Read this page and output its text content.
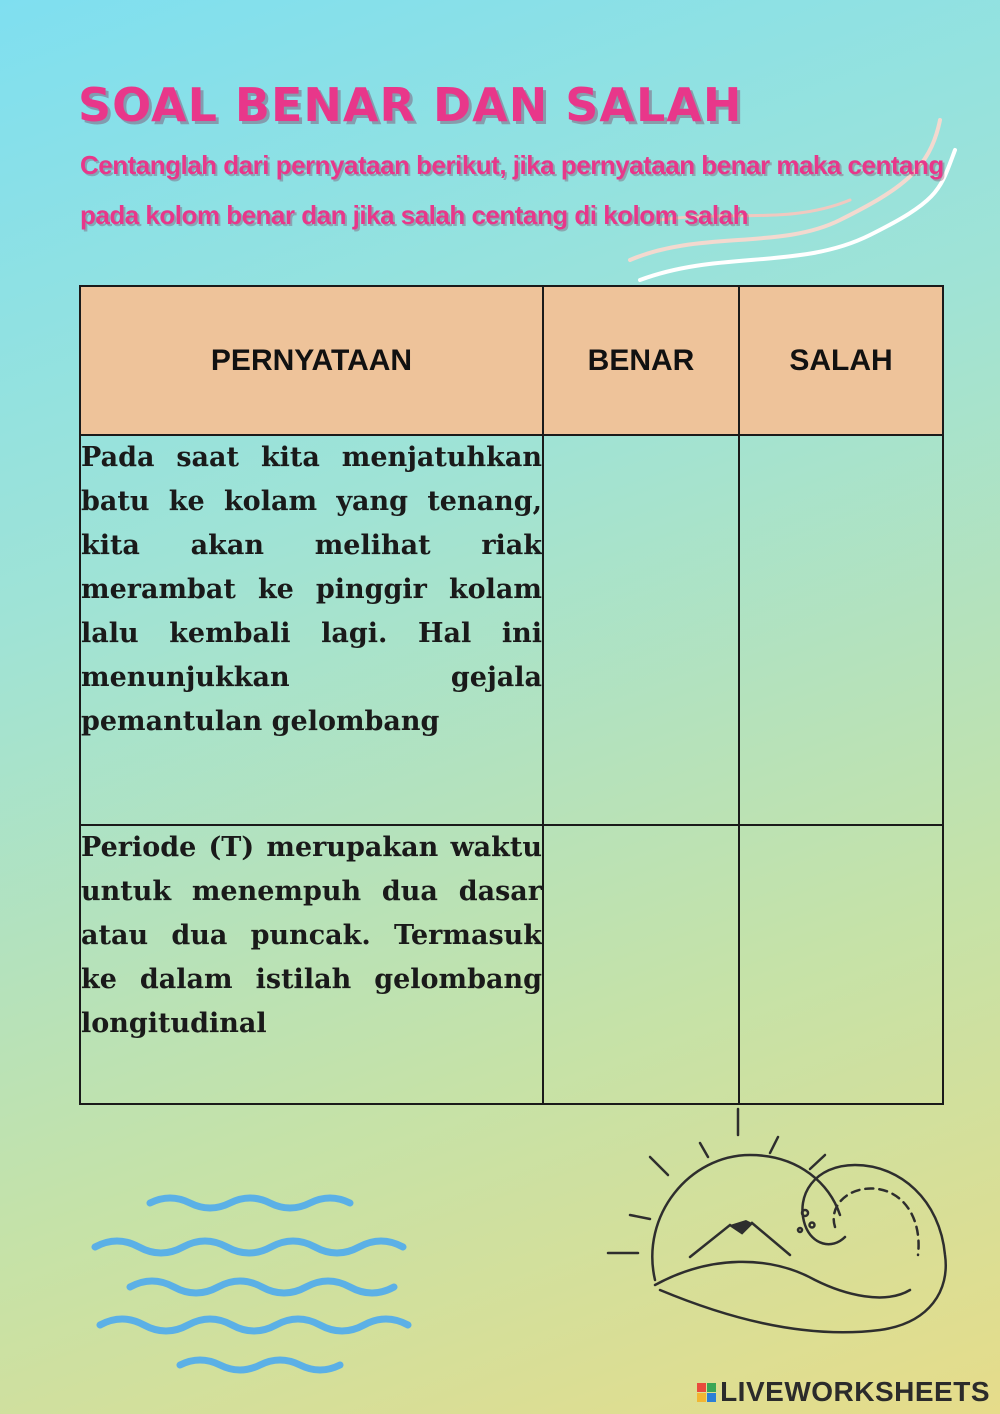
SOAL BENAR DAN SALAH

Centanglah dari pernyataan berikut, jika pernyataan benar maka centang pada kolom benar dan jika salah centang di kolom salah

PERNYATAAN	BENAR	SALAH
Pada saat kita menjatuhkan batu ke kolam yang tenang, kita akan melihat riak merambat ke pinggir kolam lalu kembali lagi. Hal ini menunjukkan gejala pemantulan gelombang		
Periode (T) merupakan waktu untuk menempuh dua dasar atau dua puncak. Termasuk ke dalam istilah gelombang longitudinal		
LIVEWORKSHEETS
